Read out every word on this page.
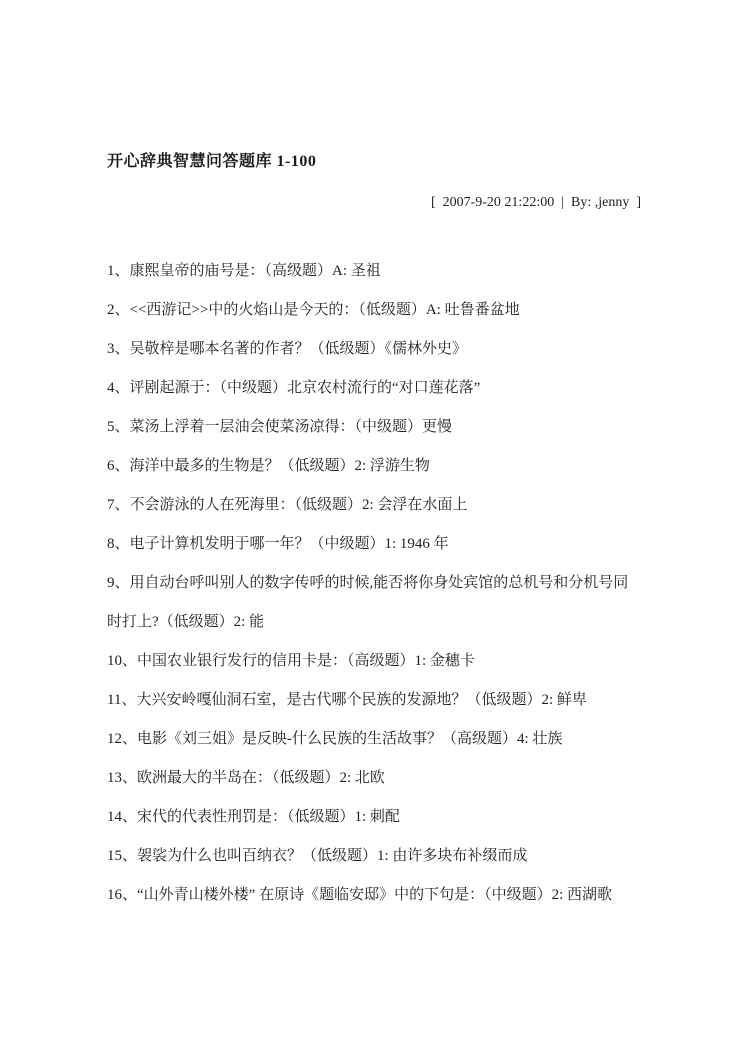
开心辞典智慧问答题库 1-100
[  2007-9-20 21:22:00  |  By: ,jenny  ]

1、康熙皇帝的庙号是：（高级题）A: 圣祖

2、<<西游记>>中的火焰山是今天的：（低级题）A: 吐鲁番盆地

3、吴敬梓是哪本名著的作者？（低级题）《儒林外史》

4、评剧起源于：（中级题）北京农村流行的“对口莲花落”

5、菜汤上浮着一层油会使菜汤凉得：（中级题）更慢

6、海洋中最多的生物是？（低级题）2: 浮游生物

7、不会游泳的人在死海里：（低级题）2: 会浮在水面上

8、电子计算机发明于哪一年？（中级题）1: 1946 年

9、用自动台呼叫别人的数字传呼的时候,能否将你身处宾馆的总机号和分机号同时打上?（低级题）2: 能

10、中国农业银行发行的信用卡是：（高级题）1: 金穗卡

11、大兴安岭嘎仙洞石室，是古代哪个民族的发源地？（低级题）2: 鲜卑

12、电影《刘三姐》是反映-什么民族的生活故事？（高级题）4: 壮族

13、欧洲最大的半岛在：（低级题）2: 北欧

14、宋代的代表性刑罚是：（低级题）1: 刺配

15、袈裟为什么也叫百纳衣？（低级题）1: 由许多块布补缀而成

16、“山外青山楼外楼” 在原诗《题临安邸》中的下句是：（中级题）2: 西湖歌
